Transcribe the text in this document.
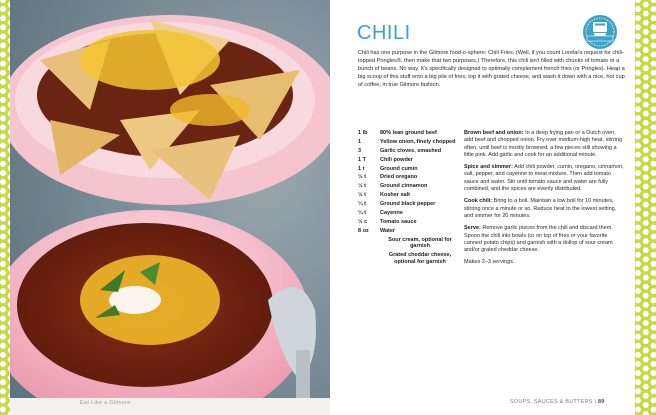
Eat Like a Gilmore
CHILI

Chili has one purpose in the Gilmore food-o-sphere: Chili Fries. (Well, if you count Lorelai's request for chili-topped Pringles®, then make that two purposes.) Therefore, this chili isn't filled with chunks of tomato or a bunch of beans. No way. It's specifically designed to optimally complement french fries (or Pringles). Heap a big scoop of this stuff onto a big pile of fries, top it with grated cheese, and wash it down with a nice, hot cup of coffee, in true Gilmore fashion.

1 lb	80% lean ground beef
1	Yellow onion, finely chopped
3	Garlic cloves, smashed
1 T	Chili powder
1 t	Ground cumin
½ t	Dried oregano
½ t	Ground cinnamon
½ t	Kosher salt
¼ t	Ground black pepper
¼ t	Cayenne
½ c	Tomato sauce
8 oz	Water
Sour cream, optional for garnish
Grated cheddar cheese, optional for garnish

Brown beef and onion: In a deep frying pan or a Dutch oven, add beef and chopped onion. Fry over medium-high heat, stirring often, until beef is mostly browned, a few pieces still showing a little pink. Add garlic and cook for an additional minute.

Spice and simmer: Add chili powder, cumin, oregano, cinnamon, salt, pepper, and cayenne to meat mixture. Then add tomato sauce and water. Stir until tomato sauce and water are fully combined, and the spices are evenly distributed.

Cook chili: Bring to a boil. Maintain a low boil for 10 minutes, stirring once a minute or so. Reduce heat to the lowest setting, and simmer for 20 minutes.

Serve: Remove garlic pieces from the chili and discard them. Spoon the chili into bowls (or on top of fries or your favorite canned potato chips) and garnish with a dollop of sour cream and/or grated cheddar cheese.

Makes 2–3 servings.

SOUPS, SAUCES & BUTTERS | 89
